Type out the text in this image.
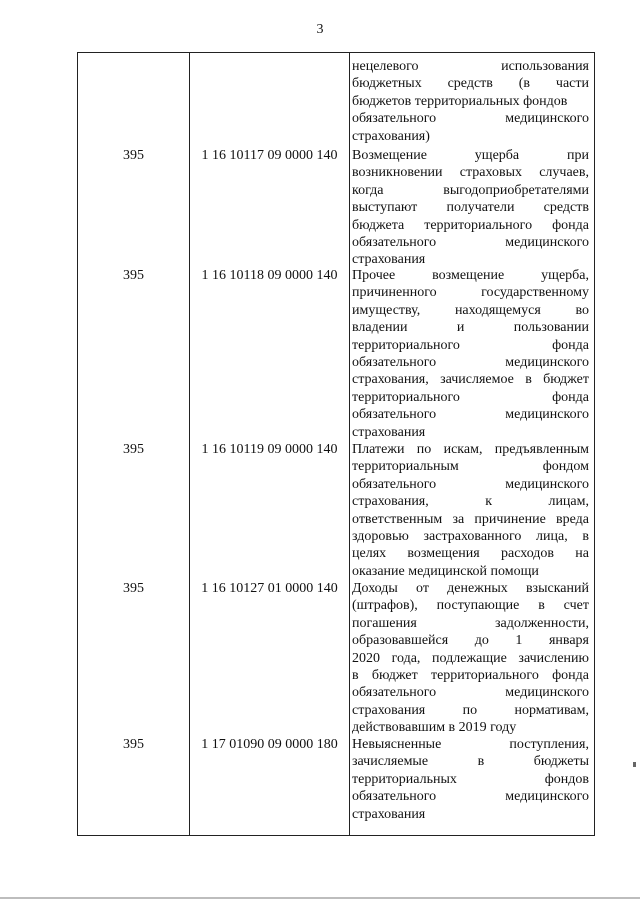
3
нецелевого использования
бюджетных средств (в части
бюджетов территориальных фондов
обязательного медицинского
страхования)
395	1 16 10117 09 0000 140	Возмещение ущерба при
возникновении страховых случаев,
когда выгодоприобретателями
выступают получатели средств
бюджета территориального фонда
обязательного медицинского
страхования
395	1 16 10118 09 0000 140	Прочее возмещение ущерба,
причиненного государственному
имуществу, находящемуся во
владении и пользовании
территориального фонда
обязательного медицинского
страхования, зачисляемое в бюджет
территориального фонда
обязательного медицинского
страхования
395	1 16 10119 09 0000 140	Платежи по искам, предъявленным
территориальным фондом
обязательного медицинского
страхования, к лицам,
ответственным за причинение вреда
здоровью застрахованного лица, в
целях возмещения расходов на
оказание медицинской помощи
395	1 16 10127 01 0000 140	Доходы от денежных взысканий
(штрафов), поступающие в счет
погашения задолженности,
образовавшейся до 1 января
2020 года, подлежащие зачислению
в бюджет территориального фонда
обязательного медицинского
страхования по нормативам,
действовавшим в 2019 году
395	1 17 01090 09 0000 180	Невыясненные поступления,
зачисляемые в бюджеты
территориальных фондов
обязательного медицинского
страхования
